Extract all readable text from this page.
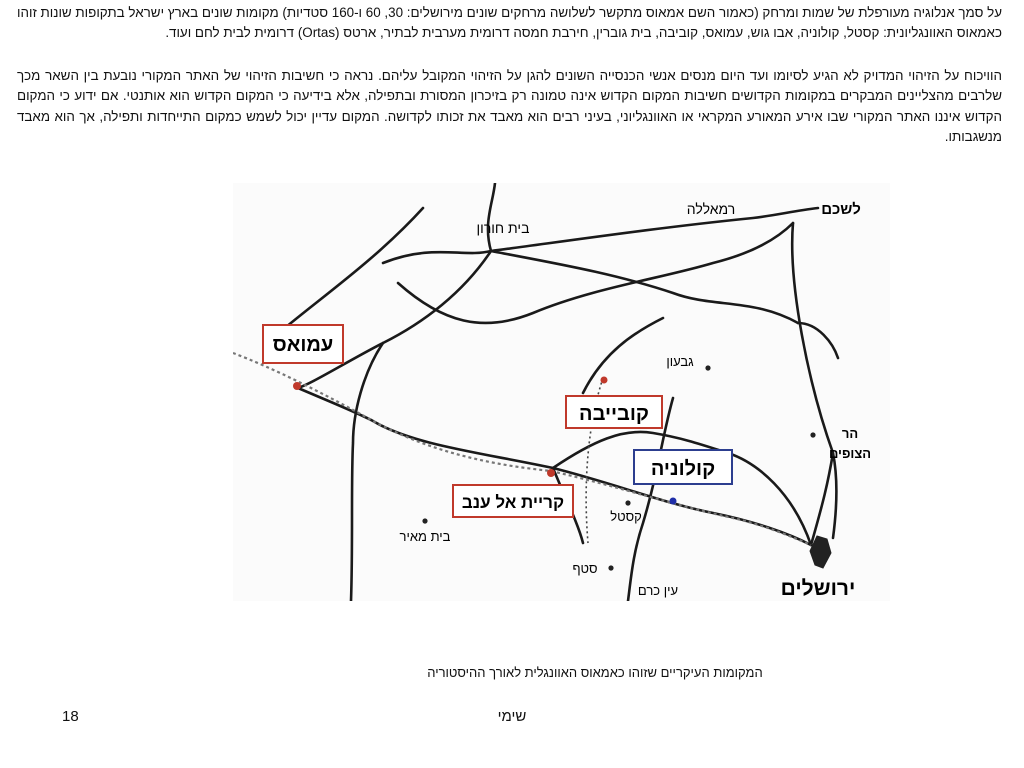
על סמך אנלוגיה מעורפלת של שמות ומרחק (כאמור השם אמאוס מתקשר לשלושה מרחקים שונים מירושלים: 30, 60 ו-160 סטדיות) מקומות שונים בארץ ישראל בתקופות שונות זוהו כאמאוס האוונגליונית: קסטל, קולוניה, אבו גוש, עמואס, קוביבה, בית גוברין, חירבת חמסה דרומית מערבית לבתיר, ארטס (Ortas) דרומית לבית לחם ועוד.

הוויכוח על הזיהוי המדויק לא הגיע לסיומו ועד היום מנסים אנשי הכנסייה השונים להגן על הזיהוי המקובל עליהם. נראה כי חשיבות הזיהוי של האתר המקורי נובעת בין השאר מכך שלרבים מהצליינים המבקרים במקומות הקדושים חשיבות המקום הקדוש אינה טמונה רק בזיכרון המסורת ובתפילה, אלא בידיעה כי המקום הקדוש הוא אותנטי. אם ידוע כי המקום הקדוש איננו האתר המקורי שבו אירע המאורע המקראי או האוונגליוני, בעיני רבים הוא מאבד את זכותו לקדושה. המקום עדיין יכול לשמש כמקום התייחדות ותפילה, אך הוא מאבד מנשגבותו.

לשכם
רמאללה
בית חורון
גבעון
הר
הצופים
בית מאיר
קסטל
סטף
עין כרם	ירושלים
עמואס
קובייבה
קריית אל ענב
קולוניה
המקומות העיקריים שזוהו כאמאוס האוונגלית לאורך ההיסטוריה
שימי
18
